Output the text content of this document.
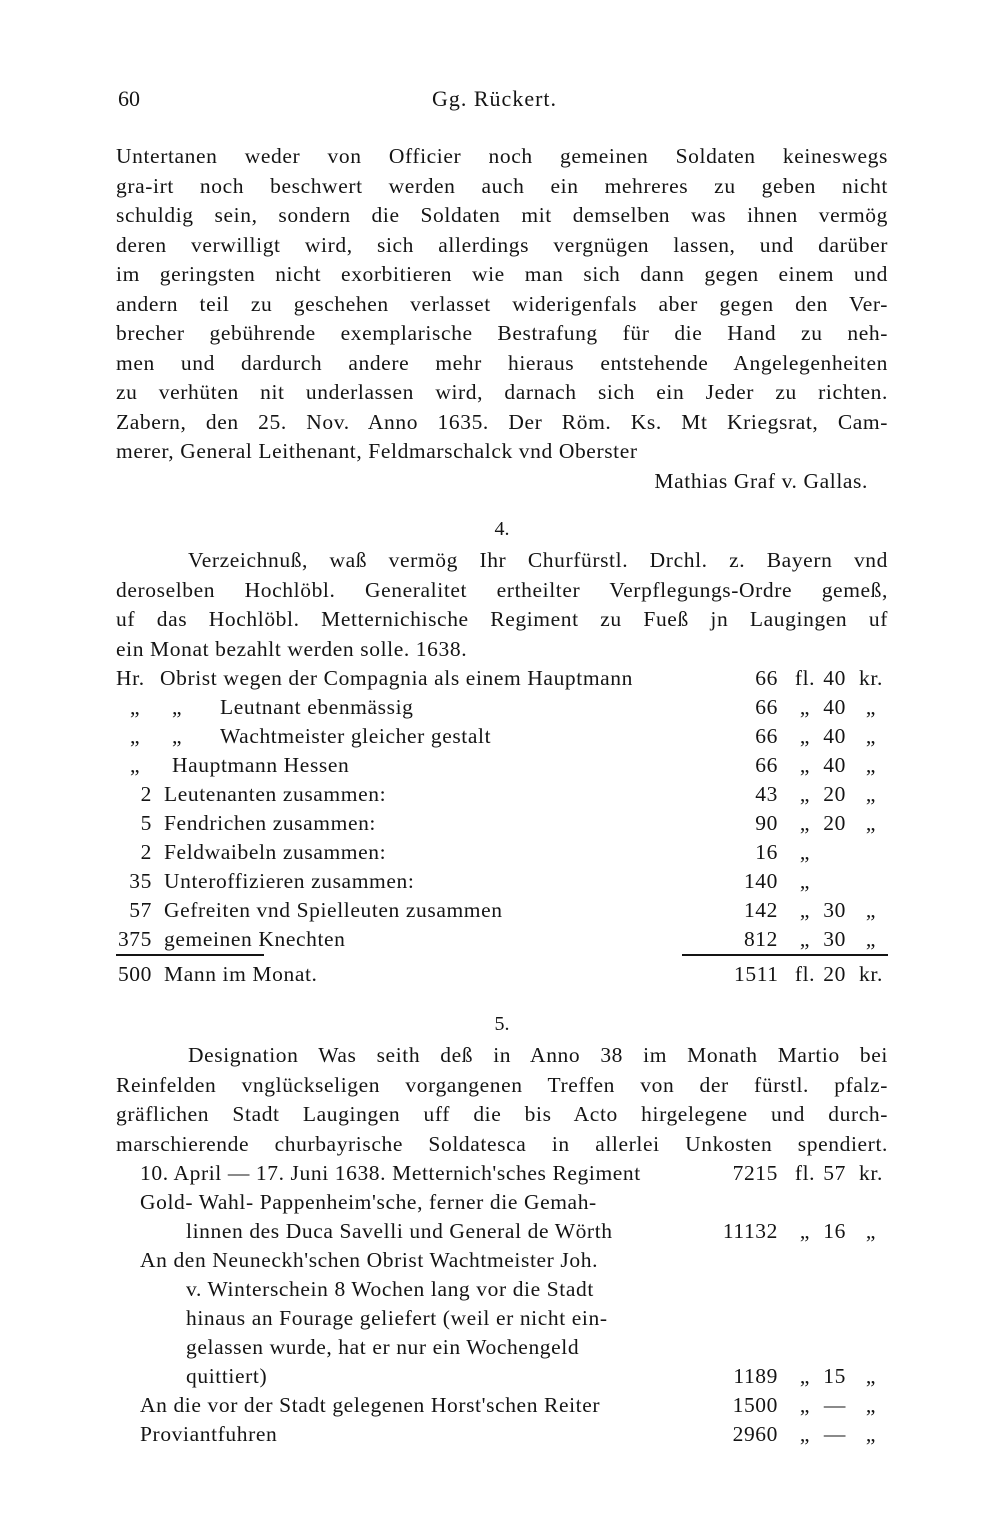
60	Gg. Rückert.
Untertanen weder von Officier noch gemeinen Soldaten keineswegs
gra-irt noch beschwert werden auch ein mehreres zu geben nicht
schuldig sein, sondern die Soldaten mit demselben was ihnen vermög
deren verwilligt wird, sich allerdings vergnügen lassen, und darüber
im geringsten nicht exorbitieren wie man sich dann gegen einem und
andern teil zu geschehen verlasset widerigenfals aber gegen den Ver-
brecher gebührende exemplarische Bestrafung für die Hand zu neh-
men und dardurch andere mehr hieraus entstehende Angelegenheiten
zu verhüten nit underlassen wird, darnach sich ein Jeder zu richten.
Zabern, den 25. Nov. Anno 1635. Der Röm. Ks. Mt Kriegsrat, Cam-
merer, General Leithenant, Feldmarschalck vnd Oberster
Mathias Graf v. Gallas.
4.
Verzeichnuß, waß vermög Ihr Churfürstl. Drchl. z. Bayern vnd
deroselben Hochlöbl. Generalitet ertheilter Verpflegungs-Ordre gemeß,
uf das Hochlöbl. Metternichische Regiment zu Fueß jn Laugingen uf
ein Monat bezahlt werden solle. 1638.
Hr. Obrist wegen der Compagnia als einem Hauptmann	66 fl. 40 kr.
„ „ Leutnant ebenmässig	66	„ 40 „
„ „ Wachtmeister gleicher gestalt	66	„ 40 „
„ Hauptmann Hessen	66	„ 40 „
2 Leutenanten zusammen:	43	„ 20 „
5 Fendrichen zusammen:	90	„ 20 „
2 Feldwaibeln zusammen:	16	„
35 Unteroffizieren zusammen:	140	„
57 Gefreiten vnd Spielleuten zusammen	142	„ 30 „
375 gemeinen Knechten	812	„ 30 „
500 Mann im Monat.	1511 fl. 20 kr.
5.
Designation Was seith deß in Anno 38 im Monath Martio bei
Reinfelden vnglückseligen vorgangenen Treffen von der fürstl. pfalz-
gräflichen Stadt Laugingen uff die bis Acto hirgelegene und durch-
marschierende churbayrische Soldatesca in allerlei Unkosten spendiert.
10. April — 17. Juni 1638. Metternich'sches Regiment	7215 fl. 57 kr.
Gold- Wahl- Pappenheim'sche, ferner die Gemah-
linnen des Duca Savelli und General de Wörth	11132	„ 16 „
An den Neuneckh'schen Obrist Wachtmeister Joh.
v. Winterschein 8 Wochen lang vor die Stadt
hinaus an Fourage geliefert (weil er nicht ein-
gelassen wurde, hat er nur ein Wochengeld
quittiert)	1189	„ 15 „
An die vor der Stadt gelegenen Horst'schen Reiter	1500	„ — „
Proviantfuhren	2960	„ — „
